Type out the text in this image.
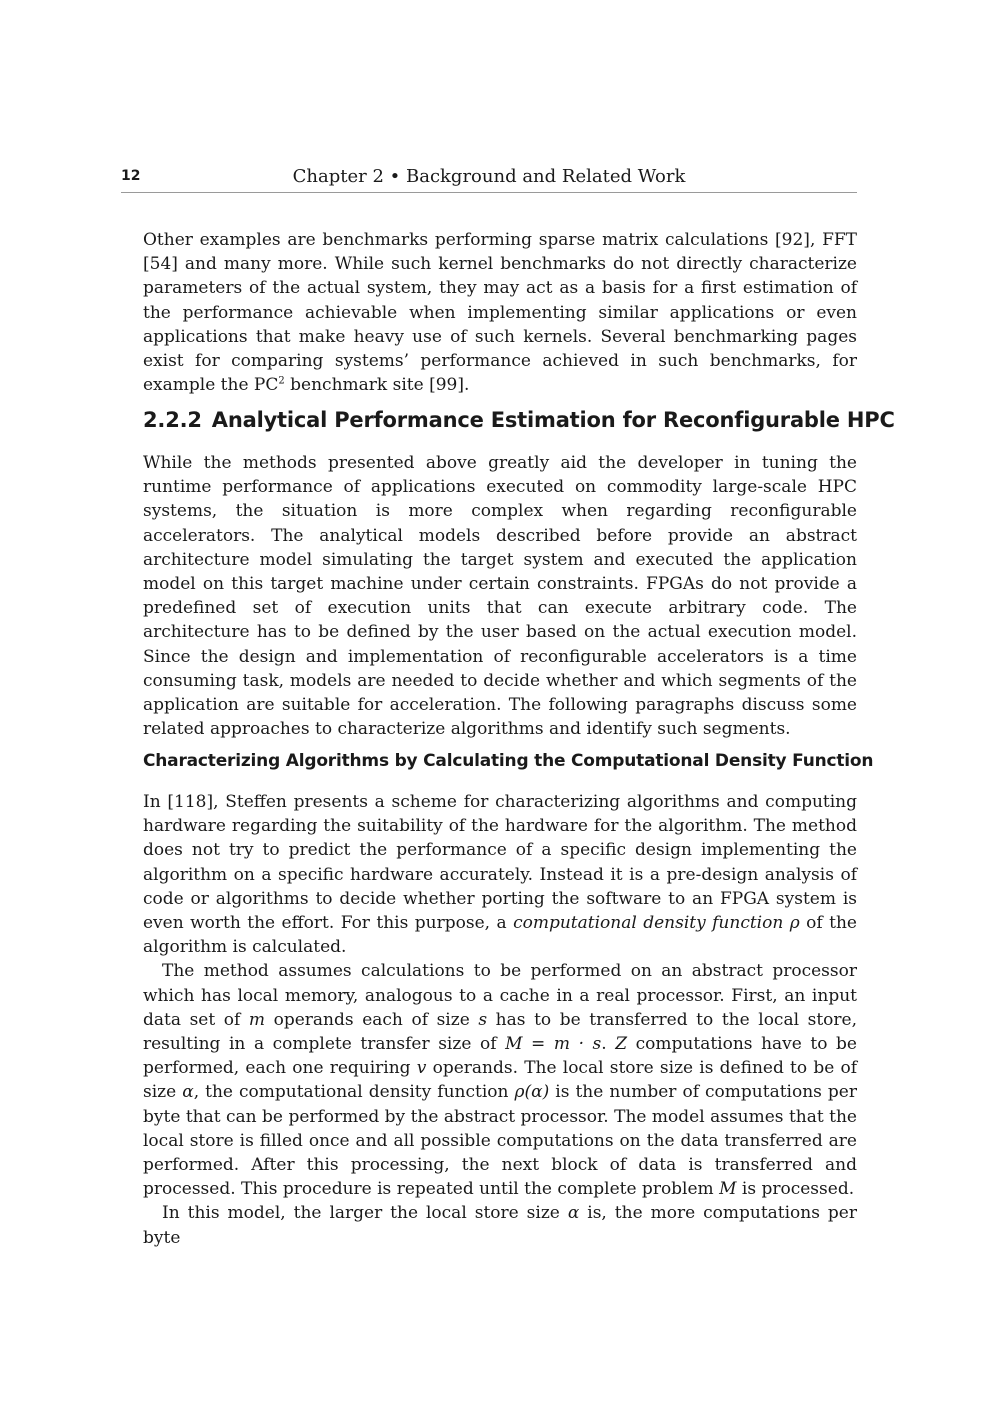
12	Chapter 2 • Background and Related Work

Other examples are benchmarks performing sparse matrix calculations [92], FFT [54] and many more. While such kernel benchmarks do not directly characterize parameters of the actual system, they may act as a basis for a first estimation of the performance achievable when implementing similar applications or even applications that make heavy use of such kernels. Several benchmarking pages exist for comparing systems’ performance achieved in such benchmarks, for example the $PC^2$ benchmark site [99].

2.2.2 Analytical Performance Estimation for Reconfigurable HPC

While the methods presented above greatly aid the developer in tuning the runtime performance of applications executed on commodity large-scale HPC systems, the situation is more complex when regarding reconfigurable accelerators. The analytical models described before provide an abstract architecture model simulating the target system and executed the application model on this target machine under certain constraints. FPGAs do not provide a predefined set of execution units that can execute arbitrary code. The architecture has to be defined by the user based on the actual execution model. Since the design and implementation of reconfigurable accelerators is a time consuming task, models are needed to decide whether and which segments of the application are suitable for acceleration. The following paragraphs discuss some related approaches to characterize algorithms and identify such segments.

Characterizing Algorithms by Calculating the Computational Density Function

In [118], Steffen presents a scheme for characterizing algorithms and computing hardware regarding the suitability of the hardware for the algorithm. The method does not try to predict the performance of a specific design implementing the algorithm on a specific hardware accurately. Instead it is a pre-design analysis of code or algorithms to decide whether porting the software to an FPGA system is even worth the effort. For this purpose, a computational density function ρ of the algorithm is calculated.

The method assumes calculations to be performed on an abstract processor which has local memory, analogous to a cache in a real processor. First, an input data set of m operands each of size s has to be transferred to the local store, resulting in a complete transfer size of M = m · s. Z computations have to be performed, each one requiring v operands. The local store size is defined to be of size α, the computational density function ρ(α) is the number of computations per byte that can be performed by the abstract processor. The model assumes that the local store is filled once and all possible computations on the data transferred are performed. After this processing, the next block of data is transferred and processed. This procedure is repeated until the complete problem M is processed.

In this model, the larger the local store size α is, the more computations per byte
